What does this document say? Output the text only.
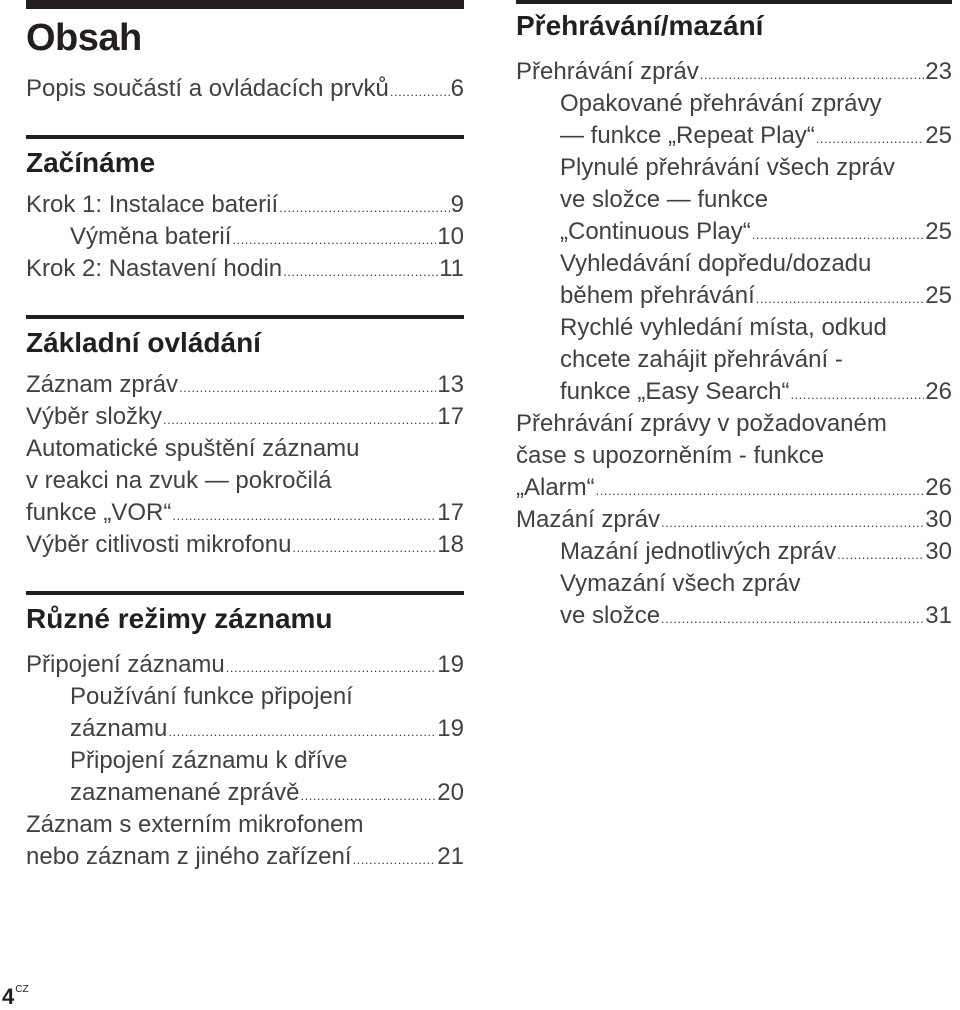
Obsah
Popis součástí a ovládacích prvků .....	6
Začínáme
Krok 1: Instalace baterií .....	9
Výměna baterií .....	10
Krok 2: Nastavení hodin .....	11
Základní ovládání
Záznam zpráv .....	13
Výběr složky .....	17
Automatické spuštění záznamu
v reakci na zvuk — pokročilá
funkce „VOR“ .....	17
Výběr citlivosti mikrofonu .....	18
Různé režimy záznamu
Připojení záznamu .....	19
Používání funkce připojení
záznamu .....	19
Připojení záznamu k dříve
zaznamenané zprávě .....	20
Záznam s externím mikrofonem
nebo záznam z jiného zařízení .....	21
Přehrávání/mazání
Přehrávání zpráv .....	23
Opakované přehrávání zprávy
— funkce „Repeat Play“ .....	25
Plynulé přehrávání všech zpráv
ve složce — funkce
„Continuous Play“ .....	25
Vyhledávání dopředu/dozadu
během přehrávání .....	25
Rychlé vyhledání místa, odkud
chcete zahájit přehrávání -
funkce „Easy Search“ .....	26
Přehrávání zprávy v požadovaném
čase s upozorněním - funkce
„Alarm“ .....	26
Mazání zpráv .....	30
Mazání jednotlivých zpráv .....	30
Vymazání všech zpráv
ve složce .....	31
$4^{CZ}$
